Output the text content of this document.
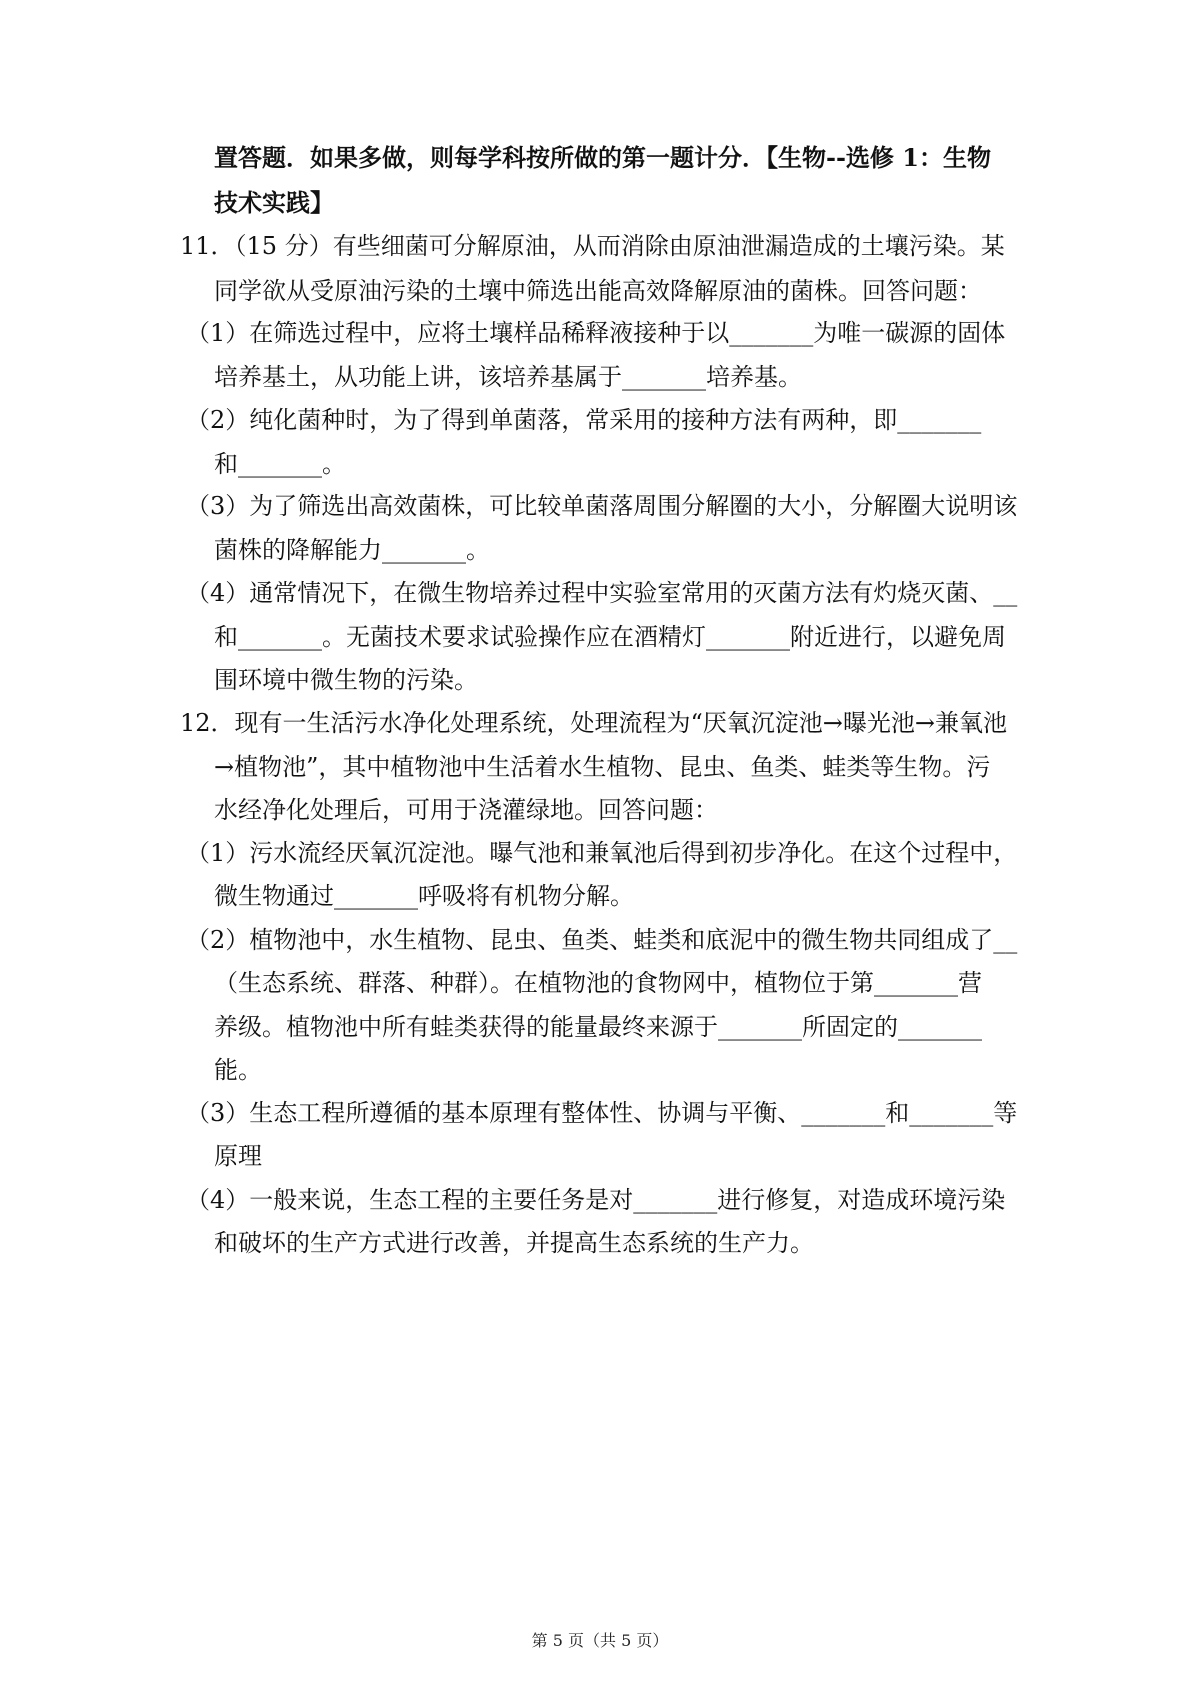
置答题．如果多做，则每学科按所做的第一题计分．【生物--选修 1：生物
技术实践】
11．（15 分）有些细菌可分解原油，从而消除由原油泄漏造成的土壤污染。某
同学欲从受原油污染的土壤中筛选出能高效降解原油的菌株。回答问题：
（1）在筛选过程中，应将土壤样品稀释液接种于以_______为唯一碳源的固体
培养基土，从功能上讲，该培养基属于_______培养基。
（2）纯化菌种时，为了得到单菌落，常采用的接种方法有两种，即_______
和_______。
（3）为了筛选出高效菌株，可比较单菌落周围分解圈的大小，分解圈大说明该
菌株的降解能力_______。
（4）通常情况下，在微生物培养过程中实验室常用的灭菌方法有灼烧灭菌、__
和_______。无菌技术要求试验操作应在酒精灯_______附近进行，以避免周
围环境中微生物的污染。
12．现有一生活污水净化处理系统，处理流程为“厌氧沉淀池→曝光池→兼氧池
→植物池”，其中植物池中生活着水生植物、昆虫、鱼类、蛙类等生物。污
水经净化处理后，可用于浇灌绿地。回答问题：
（1）污水流经厌氧沉淀池。曝气池和兼氧池后得到初步净化。在这个过程中，
微生物通过_______呼吸将有机物分解。
（2）植物池中，水生植物、昆虫、鱼类、蛙类和底泥中的微生物共同组成了__
（生态系统、群落、种群）。在植物池的食物网中，植物位于第_______营
养级。植物池中所有蛙类获得的能量最终来源于_______所固定的_______
能。
（3）生态工程所遵循的基本原理有整体性、协调与平衡、_______和_______等
原理
（4）一般来说，生态工程的主要任务是对_______进行修复，对造成环境污染
和破坏的生产方式进行改善，并提高生态系统的生产力。
第 5 页（共 5 页）
